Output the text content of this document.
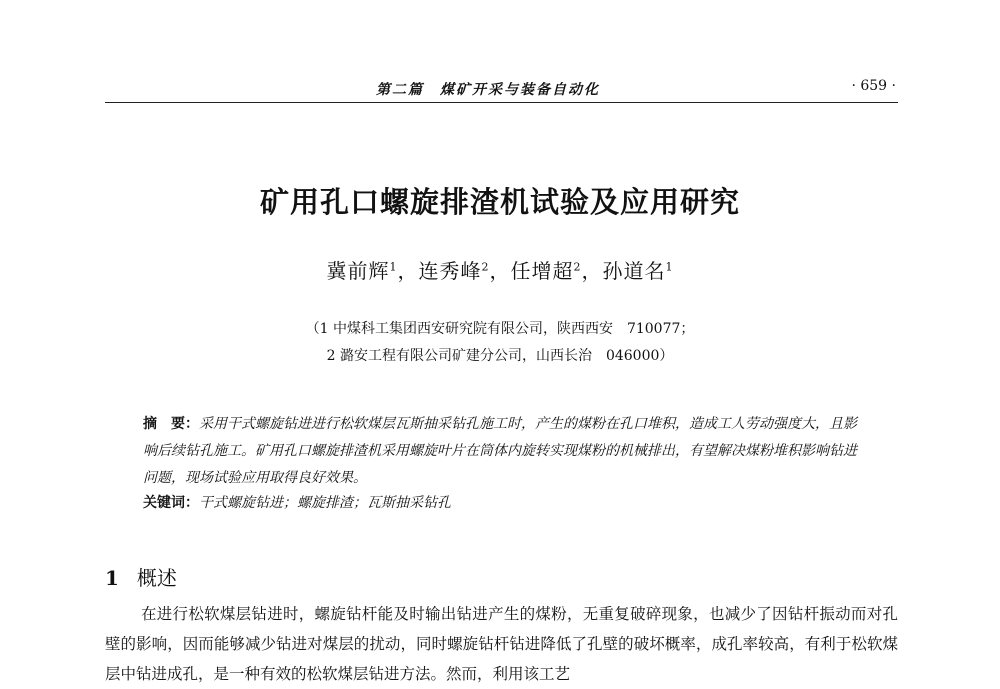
第二篇　煤矿开采与装备自动化	· 659 ·
矿用孔口螺旋排渣机试验及应用研究
冀前辉$^1$，连秀峰$^2$，任增超$^2$，孙道名$^1$
（1 中煤科工集团西安研究院有限公司，陕西西安　710077；
2 潞安工程有限公司矿建分公司，山西长治　046000）
摘　要：采用干式螺旋钻进进行松软煤层瓦斯抽采钻孔施工时，产生的煤粉在孔口堆积，造成工人劳动强度大，且影响后续钻孔施工。矿用孔口螺旋排渣机采用螺旋叶片在筒体内旋转实现煤粉的机械排出，有望解决煤粉堆积影响钻进问题，现场试验应用取得良好效果。
关键词：干式螺旋钻进；螺旋排渣；瓦斯抽采钻孔
1 概述
在进行松软煤层钻进时，螺旋钻杆能及时输出钻进产生的煤粉，无重复破碎现象，也减少了因钻杆振动而对孔壁的影响，因而能够减少钻进对煤层的扰动，同时螺旋钻杆钻进降低了孔壁的破坏概率，成孔率较高，有利于松软煤层中钻进成孔，是一种有效的松软煤层钻进方法。然而，利用该工艺
